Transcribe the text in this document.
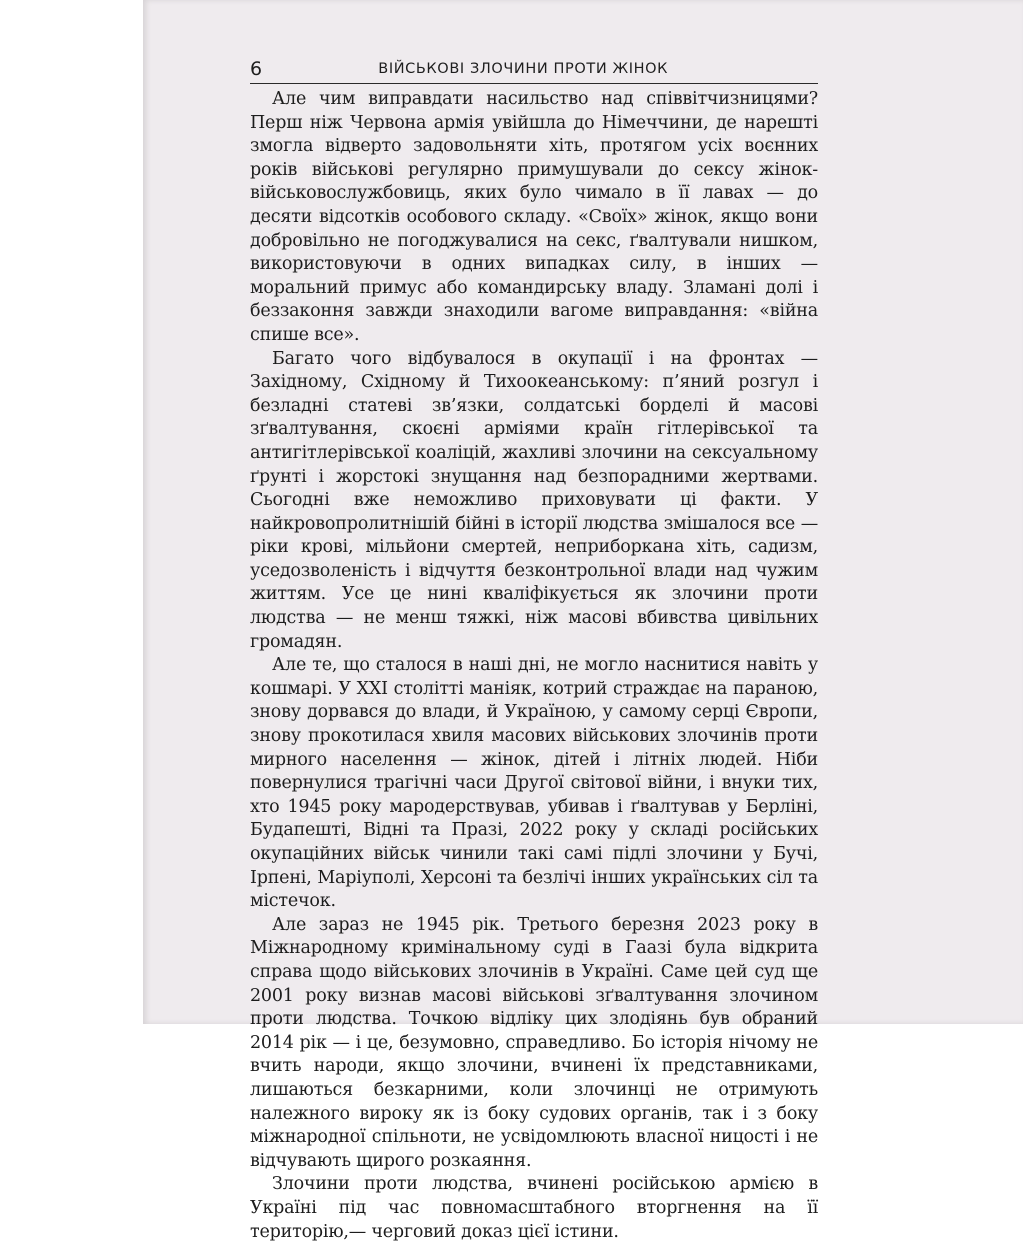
6	ВІЙСЬКОВІ ЗЛОЧИНИ ПРОТИ ЖІНОК

Але чим виправдати насильство над співвітчизницями? Перш ніж Червона армія увійшла до Німеччини, де нарешті змогла відверто задовольняти хіть, протягом усіх воєнних років військові регулярно примушували до сексу жінок-військовослужбовиць, яких було чимало в її лавах — до десяти відсотків особового складу. «Своїх» жінок, якщо вони добровільно не погоджувалися на секс, ґвалтували нишком, використовуючи в одних випадках силу, в інших — моральний примус або командирську владу. Зламані долі і беззаконня завжди знаходили вагоме виправдання: «війна спише все».

Багато чого відбувалося в окупації і на фронтах — Західному, Східному й Тихоокеанському: п’яний розгул і безладні статеві зв’язки, солдатські борделі й масові зґвалтування, скоєні арміями країн гітлерівської та антигітлерівської коаліцій, жахливі злочини на сексуальному ґрунті і жорстокі знущання над безпорадними жертвами. Сьогодні вже неможливо приховувати ці факти. У найкровопролитнішій бійні в історії людства змішалося все — ріки крові, мільйони смертей, неприборкана хіть, садизм, уседозволеність і відчуття безконтрольної влади над чужим життям. Усе це нині кваліфікується як злочини проти людства — не менш тяжкі, ніж масові вбивства цивільних громадян.

Але те, що сталося в наші дні, не могло наснитися навіть у кошмарі. У XXI столітті маніяк, котрий страждає на параною, знову дорвався до влади, й Україною, у самому серці Європи, знову прокотилася хвиля масових військових злочинів проти мирного населення — жінок, дітей і літніх людей. Ніби повернулися трагічні часи Другої світової війни, і внуки тих, хто 1945 року мародерствував, убивав і ґвалтував у Берліні, Будапешті, Відні та Празі, 2022 року у складі російських окупаційних військ чинили такі самі підлі злочини у Бучі, Ірпені, Маріуполі, Херсоні та безлічі інших українських сіл та містечок.

Але зараз не 1945 рік. Третього березня 2023 року в Міжнародному кримінальному суді в Гаазі була відкрита справа щодо військових злочинів в Україні. Саме цей суд ще 2001 року визнав масові військові зґвалтування злочином проти людства. Точкою відліку цих злодіянь був обраний 2014 рік — і це, безумовно, справедливо. Бо історія нічому не вчить народи, якщо злочини, вчинені їх представниками, лишаються безкарними, коли злочинці не отримують належного вироку як із боку судових органів, так і з боку міжнародної спільноти, не усвідомлюють власної ницості і не відчувають щирого розкаяння.

Злочини проти людства, вчинені російською армією в Україні під час повномасштабного вторгнення на її територію,— черговий доказ цієї істини.
